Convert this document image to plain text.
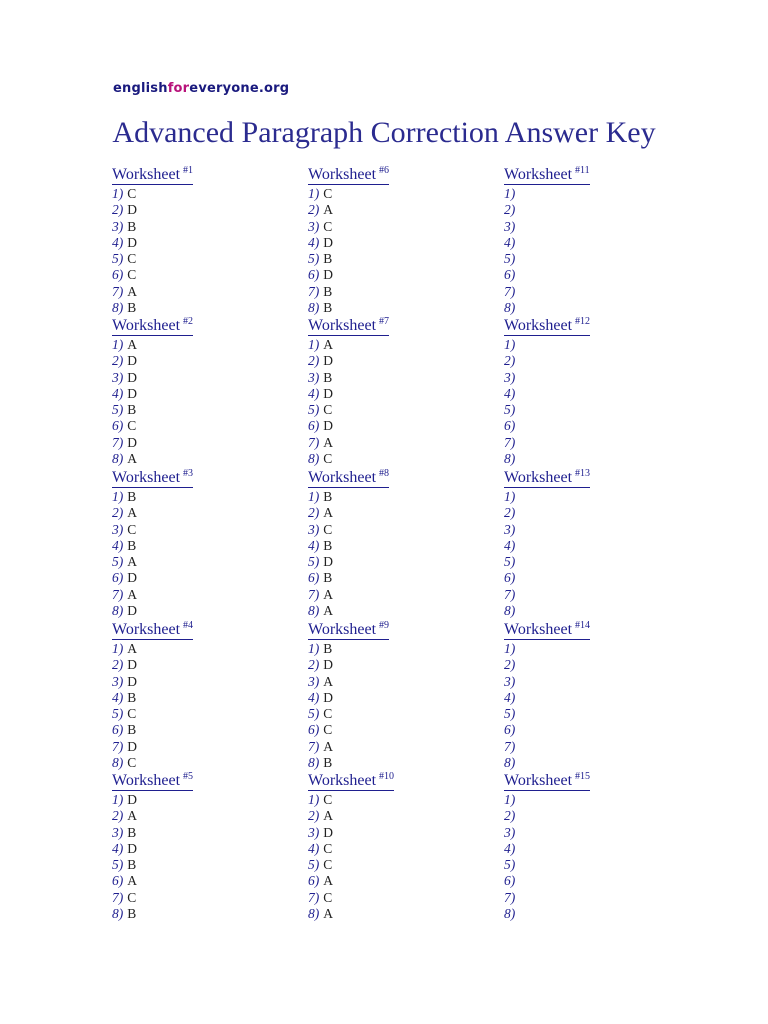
englishforeveryone.org
Advanced Paragraph Correction Answer Key
Worksheet $^{\#1}$
1) C
2) D
3) B
4) D
5) C
6) C
7) A
8) B
Worksheet $^{\#2}$
1) A
2) D
3) D
4) D
5) B
6) C
7) D
8) A
Worksheet $^{\#3}$
1) B
2) A
3) C
4) B
5) A
6) D
7) A
8) D
Worksheet $^{\#4}$
1) A
2) D
3) D
4) B
5) C
6) B
7) D
8) C
Worksheet $^{\#5}$
1) D
2) A
3) B
4) D
5) B
6) A
7) C
8) B
Worksheet $^{\#6}$
1) C
2) A
3) C
4) D
5) B
6) D
7) B
8) B
Worksheet $^{\#7}$
1) A
2) D
3) B
4) D
5) C
6) D
7) A
8) C
Worksheet $^{\#8}$
1) B
2) A
3) C
4) B
5) D
6) B
7) A
8) A
Worksheet $^{\#9}$
1) B
2) D
3) A
4) D
5) C
6) C
7) A
8) B
Worksheet $^{\#10}$
1) C
2) A
3) D
4) C
5) C
6) A
7) C
8) A
Worksheet $^{\#11}$
1)
2)
3)
4)
5)
6)
7)
8)
Worksheet $^{\#12}$
1)
2)
3)
4)
5)
6)
7)
8)
Worksheet $^{\#13}$
1)
2)
3)
4)
5)
6)
7)
8)
Worksheet $^{\#14}$
1)
2)
3)
4)
5)
6)
7)
8)
Worksheet $^{\#15}$
1)
2)
3)
4)
5)
6)
7)
8)
